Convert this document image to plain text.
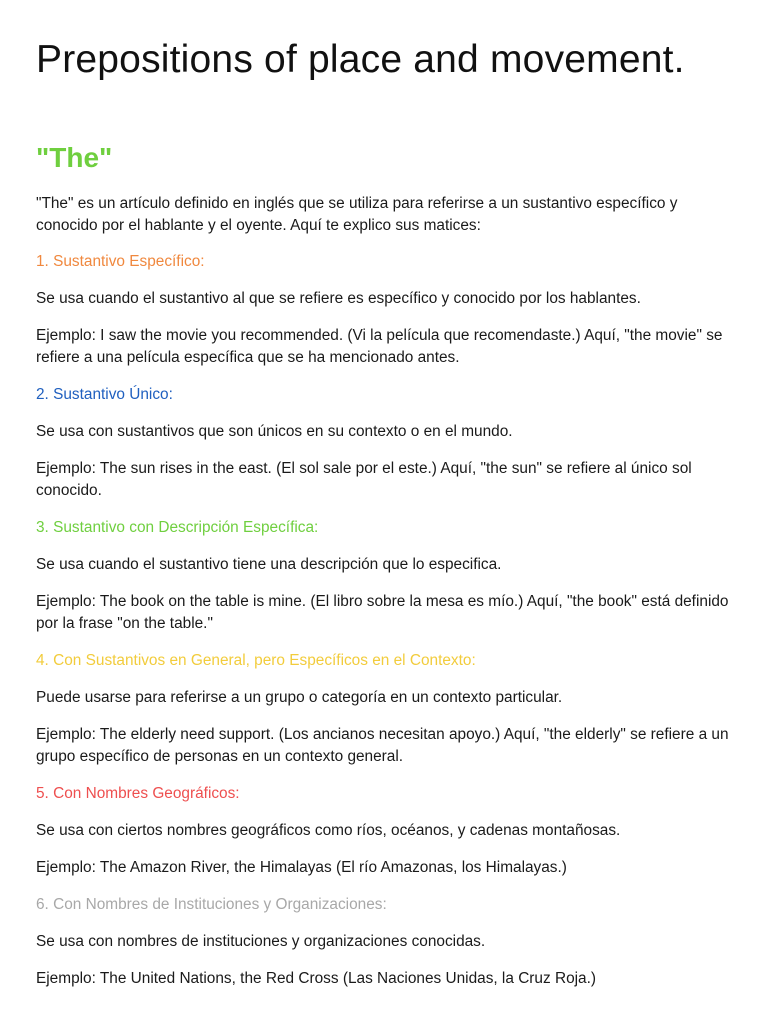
Prepositions of place and movement.
"The"

"The" es un artículo definido en inglés que se utiliza para referirse a un sustantivo específico y conocido por el hablante y el oyente. Aquí te explico sus matices:

1. Sustantivo Específico:

Se usa cuando el sustantivo al que se refiere es específico y conocido por los hablantes.

Ejemplo: I saw the movie you recommended. (Vi la película que recomendaste.) Aquí, "the movie" se refiere a una película específica que se ha mencionado antes.

2. Sustantivo Único:

Se usa con sustantivos que son únicos en su contexto o en el mundo.

Ejemplo: The sun rises in the east. (El sol sale por el este.) Aquí, "the sun" se refiere al único sol conocido.

3. Sustantivo con Descripción Específica:

Se usa cuando el sustantivo tiene una descripción que lo especifica.

Ejemplo: The book on the table is mine. (El libro sobre la mesa es mío.) Aquí, "the book" está definido por la frase "on the table."

4. Con Sustantivos en General, pero Específicos en el Contexto:

Puede usarse para referirse a un grupo o categoría en un contexto particular.

Ejemplo: The elderly need support. (Los ancianos necesitan apoyo.) Aquí, "the elderly" se refiere a un grupo específico de personas en un contexto general.

5. Con Nombres Geográficos:

Se usa con ciertos nombres geográficos como ríos, océanos, y cadenas montañosas.

Ejemplo: The Amazon River, the Himalayas (El río Amazonas, los Himalayas.)

6. Con Nombres de Instituciones y Organizaciones:

Se usa con nombres de instituciones y organizaciones conocidas.

Ejemplo: The United Nations, the Red Cross (Las Naciones Unidas, la Cruz Roja.)
